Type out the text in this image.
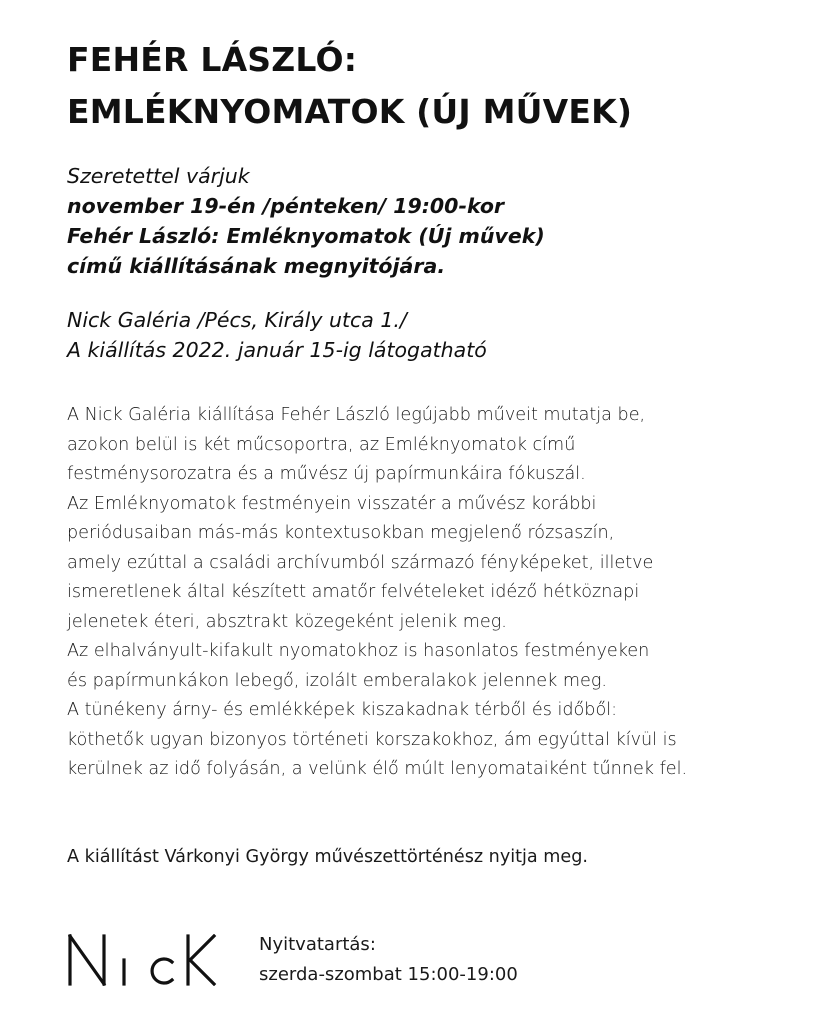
FEHÉR LÁSZLÓ:
EMLÉKNYOMATOK (ÚJ MŰVEK)
Szeretettel várjuk
november 19-én /pénteken/ 19:00-kor
Fehér László: Emléknyomatok (Új művek)
című kiállításának megnyitójára.
Nick Galéria /Pécs, Király utca 1./
A kiállítás 2022. január 15-ig látogatható
A Nick Galéria kiállítása Fehér László legújabb műveit mutatja be,
azokon belül is két műcsoportra, az Emléknyomatok című
festménysorozatra és a művész új papírmunkáira fókuszál.
Az Emléknyomatok festményein visszatér a művész korábbi
periódusaiban más-más kontextusokban megjelenő rózsaszín,
amely ezúttal a családi archívumból származó fényképeket, illetve
ismeretlenek által készített amatőr felvételeket idéző hétköznapi
jelenetek éteri, absztrakt közegeként jelenik meg.
Az elhalványult-kifakult nyomatokhoz is hasonlatos festményeken
és papírmunkákon lebegő, izolált emberalakok jelennek meg.
A tünékeny árny- és emlékképek kiszakadnak térből és időből:
köthetők ugyan bizonyos történeti korszakokhoz, ám egyúttal kívül is
kerülnek az idő folyásán, a velünk élő múlt lenyomataiként tűnnek fel.
A kiállítást Várkonyi György művészettörténész nyitja meg.
Nyitvatartás:
szerda-szombat 15:00-19:00
